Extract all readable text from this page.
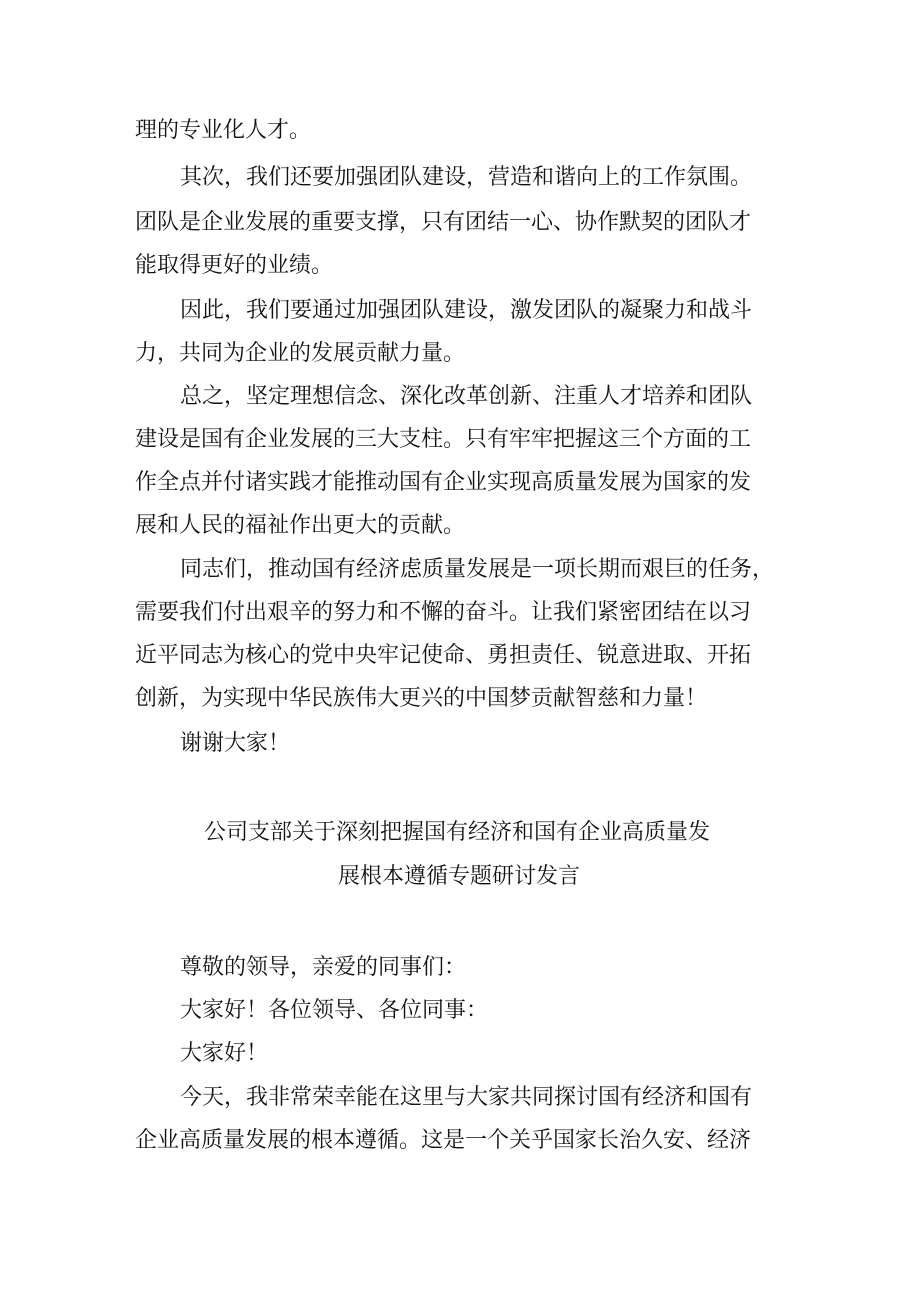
理的专业化人才。

其次，我们还要加强团队建设，营造和谐向上的工作氛围。

团队是企业发展的重要支撑，只有团结一心、协作默契的团队才

能取得更好的业绩。

因此，我们要通过加强团队建设，激发团队的凝聚力和战斗

力，共同为企业的发展贡献力量。

总之，坚定理想信念、深化改革创新、注重人才培养和团队

建设是国有企业发展的三大支柱。只有牢牢把握这三个方面的工

作全点并付诸实践才能推动国有企业实现高质量发展为国家的发

展和人民的福祉作出更大的贡献。

同志们，推动国有经济虑质量发展是一项长期而艰巨的任务，

需要我们付出艰辛的努力和不懈的奋斗。让我们紧密团结在以习

近平同志为核心的党中央牢记使命、勇担责任、锐意进取、开拓

创新，为实现中华民族伟大更兴的中国梦贡献智慈和力量！

谢谢大家！

公司支部关于深刻把握国有经济和国有企业高质量发

展根本遵循专题研讨发言

尊敬的领导，亲爱的同事们：

大家好！各位领导、各位同事：

大家好！

今天，我非常荣幸能在这里与大家共同探讨国有经济和国有

企业高质量发展的根本遵循。这是一个关乎国家长治久安、经济
